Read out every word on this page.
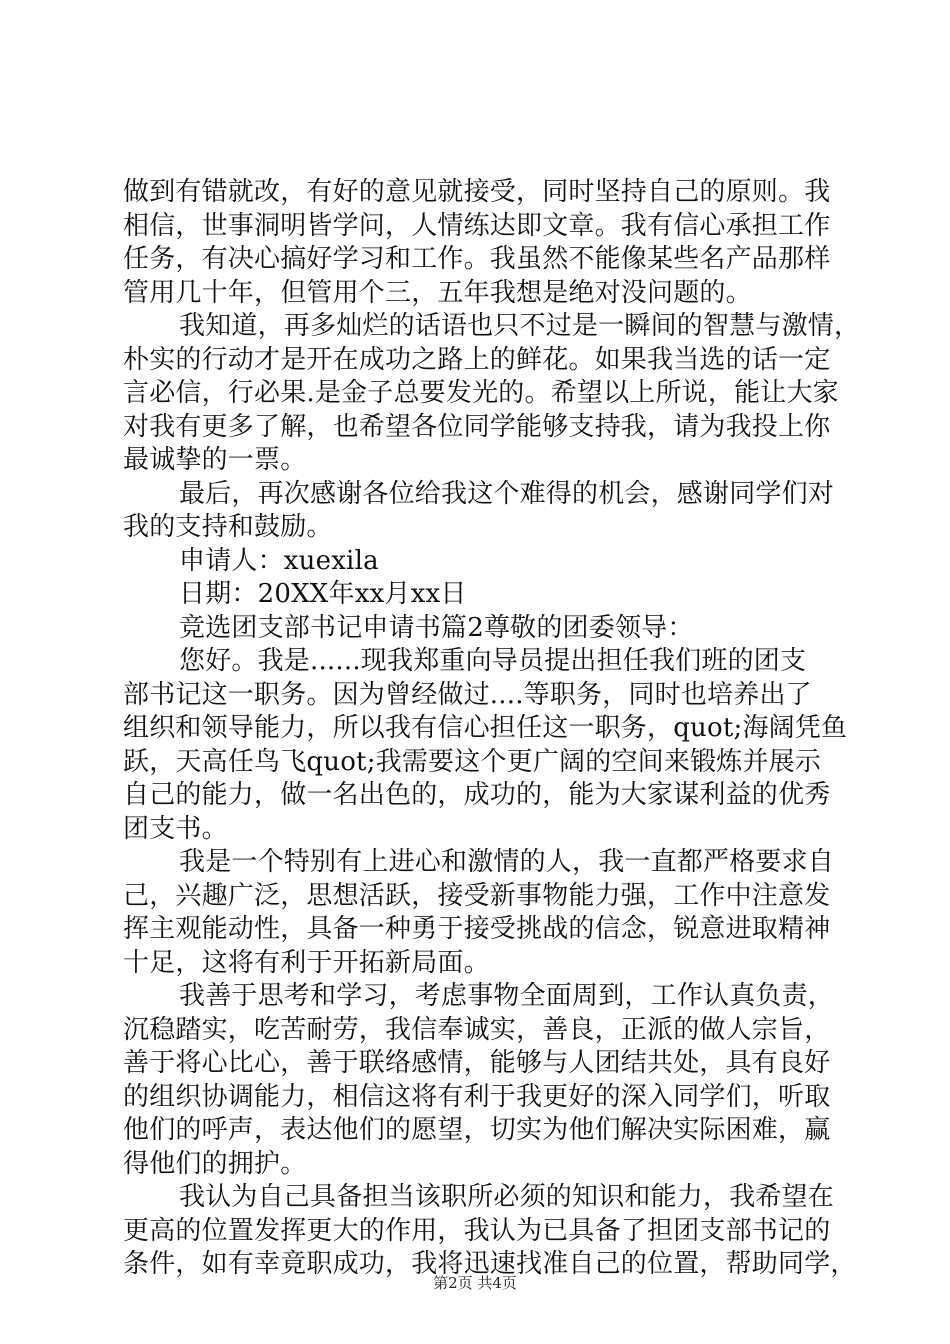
做到有错就改，有好的意见就接受，同时坚持自己的原则。我
相信，世事洞明皆学问，人情练达即文章。我有信心承担工作
任务，有决心搞好学习和工作。我虽然不能像某些名产品那样
管用几十年，但管用个三，五年我想是绝对没问题的。
我知道，再多灿烂的话语也只不过是一瞬间的智慧与激情，
朴实的行动才是开在成功之路上的鲜花。如果我当选的话一定
言必信，行必果.是金子总要发光的。希望以上所说，能让大家
对我有更多了解，也希望各位同学能够支持我，请为我投上你
最诚挚的一票。
最后，再次感谢各位给我这个难得的机会，感谢同学们对
我的支持和鼓励。
申请人：xuexila
日期：20XX年xx月xx日
竞选团支部书记申请书篇2尊敬的团委领导：
您好。我是......现我郑重向导员提出担任我们班的团支
部书记这一职务。因为曾经做过....等职务，同时也培养出了
组织和领导能力，所以我有信心担任这一职务，quot;海阔凭鱼
跃，天高任鸟飞quot;我需要这个更广阔的空间来锻炼并展示
自己的能力，做一名出色的，成功的，能为大家谋利益的优秀
团支书。
我是一个特别有上进心和激情的人，我一直都严格要求自
己，兴趣广泛，思想活跃，接受新事物能力强，工作中注意发
挥主观能动性，具备一种勇于接受挑战的信念，锐意进取精神
十足，这将有利于开拓新局面。
我善于思考和学习，考虑事物全面周到，工作认真负责，
沉稳踏实，吃苦耐劳，我信奉诚实，善良，正派的做人宗旨，
善于将心比心，善于联络感情，能够与人团结共处，具有良好
的组织协调能力，相信这将有利于我更好的深入同学们，听取
他们的呼声，表达他们的愿望，切实为他们解决实际困难，赢
得他们的拥护。
我认为自己具备担当该职所必须的知识和能力，我希望在
更高的位置发挥更大的作用，我认为已具备了担团支部书记的
条件，如有幸竟职成功，我将迅速找准自己的位置，帮助同学，
第2页 共4页
